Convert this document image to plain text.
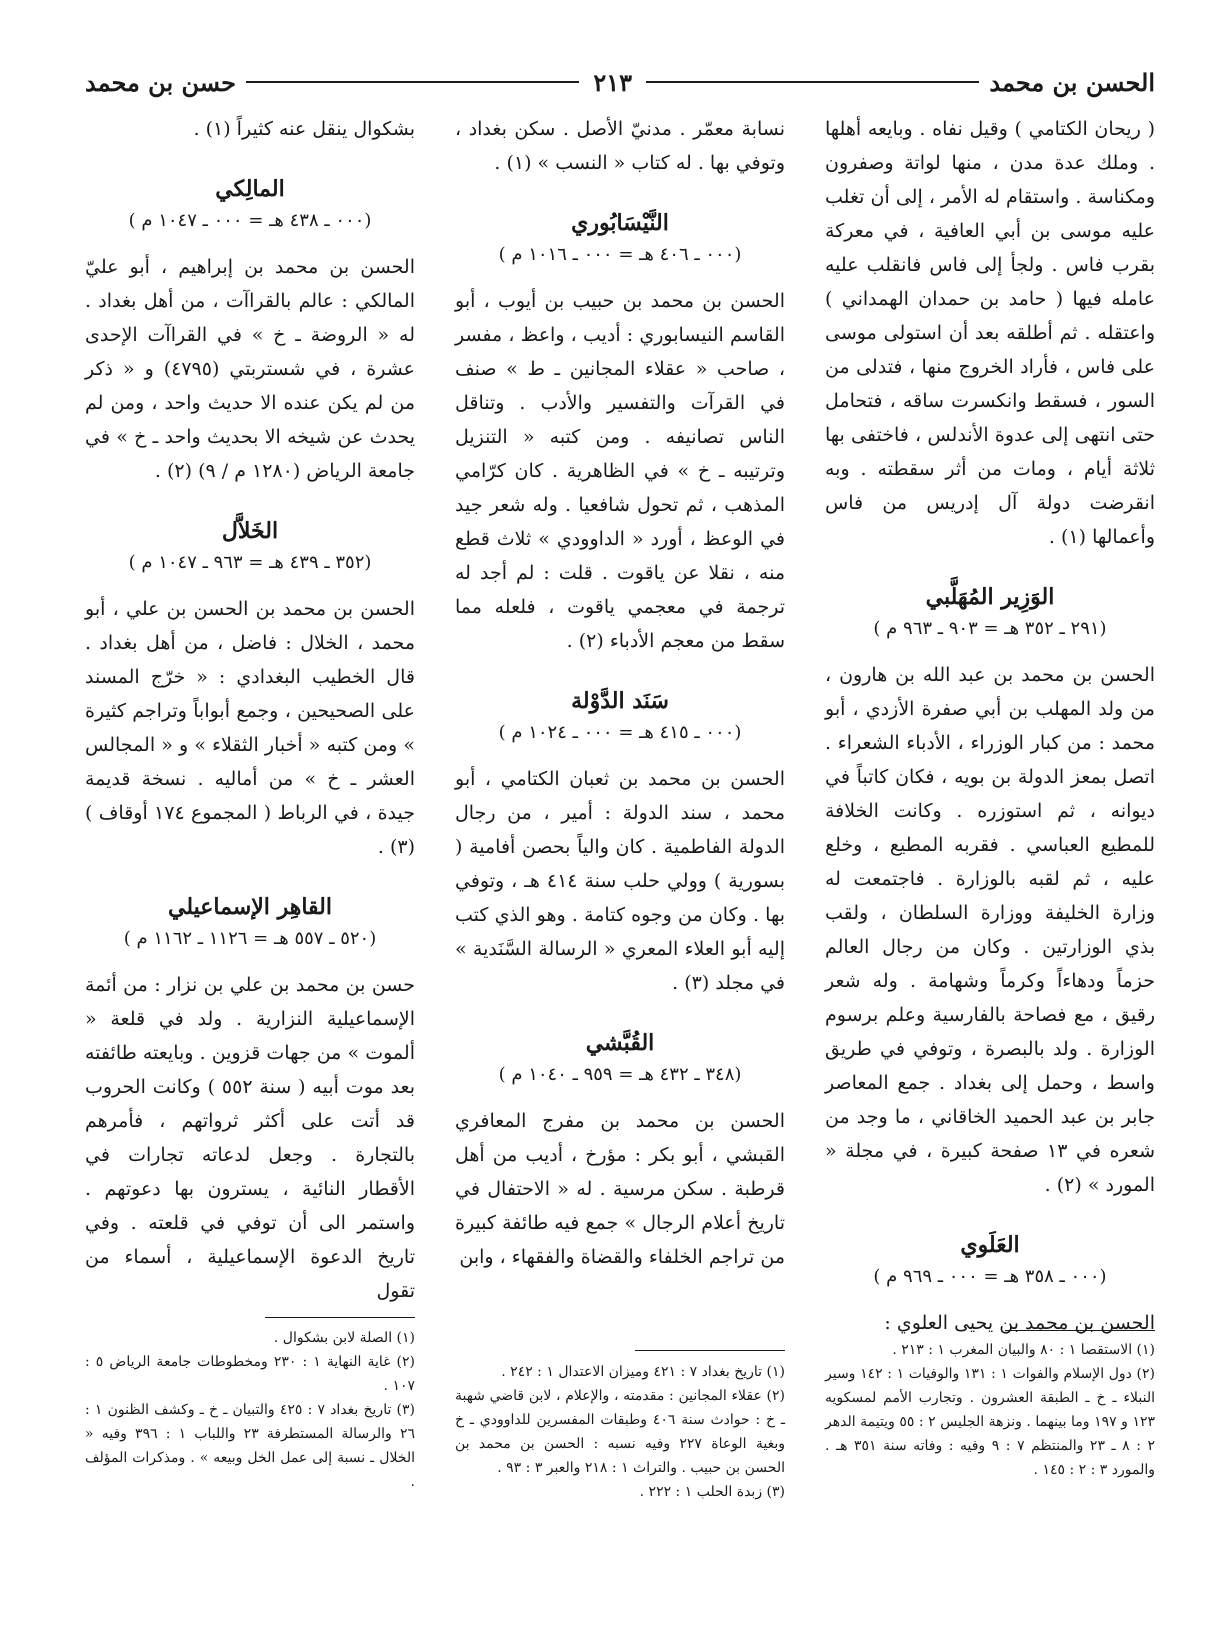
الحسن بن محمد
٢١٣
حسن بن محمد

( ريحان الكتامي ) وقيل نفاه . وبايعه أهلها . وملك عدة مدن ، منها لواتة وصفرون ومكناسة . واستقام له الأمر ، إلى أن تغلب عليه موسى بن أبي العافية ، في معركة بقرب فاس . ولجأ إلى فاس فانقلب عليه عامله فيها ( حامد بن حمدان الهمداني ) واعتقله . ثم أطلقه بعد أن استولى موسى على فاس ، فأراد الخروج منها ، فتدلى من السور ، فسقط وانكسرت ساقه ، فتحامل حتى انتهى إلى عدوة الأندلس ، فاختفى بها ثلاثة أيام ، ومات من أثر سقطته . وبه انقرضت دولة آل إدريس من فاس وأعمالها (١) .

الوَزِير المُهَلَّبي
(٢٩١ ـ ٣٥٢ هـ = ٩٠٣ ـ ٩٦٣ م )

الحسن بن محمد بن عبد الله بن هارون ، من ولد المهلب بن أبي صفرة الأزدي ، أبو محمد : من كبار الوزراء ، الأدباء الشعراء . اتصل بمعز الدولة بن بويه ، فكان كاتباً في ديوانه ، ثم استوزره . وكانت الخلافة للمطيع العباسي . فقربه المطيع ، وخلع عليه ، ثم لقبه بالوزارة . فاجتمعت له وزارة الخليفة ووزارة السلطان ، ولقب بذي الوزارتين . وكان من رجال العالم حزماً ودهاءاً وكرماً وشهامة . وله شعر رقيق ، مع فصاحة بالفارسية وعلم برسوم الوزارة . ولد بالبصرة ، وتوفي في طريق واسط ، وحمل إلى بغداد . جمع المعاصر جابر بن عبد الحميد الخاقاني ، ما وجد من شعره في ١٣ صفحة كبيرة ، في مجلة « المورد » (٢) .

العَلَوي
(٠٠٠ ـ ٣٥٨ هـ = ٠٠٠ ـ ٩٦٩ م )

الحسن بن محمد بن يحيى العلوي :

(١) الاستقصا ١ : ٨٠ والبيان المغرب ١ : ٢١٣ .

(٢) دول الإسلام والفوات ١ : ١٣١ والوفيات ١ : ١٤٢ وسير النبلاء ـ خ ـ الطبقة العشرون . وتجارب الأمم لمسكويه ١٢٣ و ١٩٧ وما بينهما . ونزهة الجليس ٢ : ٥٥ ويتيمة الدهر ٢ : ٨ ـ ٢٣ والمنتظم ٧ : ٩ وفيه : وفاته سنة ٣٥١ هـ . والمورد ٣ : ٢ : ١٤٥ .

نسابة معمّر . مدنيّ الأصل . سكن بغداد ، وتوفي بها . له كتاب « النسب » (١) .

النَّيْسَابُوري
(٠٠٠ ـ ٤٠٦ هـ = ٠٠٠ ـ ١٠١٦ م )

الحسن بن محمد بن حبيب بن أيوب ، أبو القاسم النيسابوري : أديب ، واعظ ، مفسر ، صاحب « عقلاء المجانين ـ ط » صنف في القرآت والتفسير والأدب . وتناقل الناس تصانيفه . ومن كتبه « التنزيل وترتيبه ـ خ » في الظاهرية . كان كرّامي المذهب ، ثم تحول شافعيا . وله شعر جيد في الوعظ ، أورد « الداوودي » ثلاث قطع منه ، نقلا عن ياقوت . قلت : لم أجد له ترجمة في معجمي ياقوت ، فلعله مما سقط من معجم الأدباء (٢) .

سَنَد الدَّوْلة
(٠٠٠ ـ ٤١٥ هـ = ٠٠٠ ـ ١٠٢٤ م )

الحسن بن محمد بن ثعبان الكتامي ، أبو محمد ، سند الدولة : أمير ، من رجال الدولة الفاطمية . كان والياً بحصن أفامية ( بسورية ) وولي حلب سنة ٤١٤ هـ ، وتوفي بها . وكان من وجوه كتامة . وهو الذي كتب إليه أبو العلاء المعري « الرسالة السَّنَدية » في مجلد (٣) .

القُبَّشي
(٣٤٨ ـ ٤٣٢ هـ = ٩٥٩ ـ ١٠٤٠ م )

الحسن بن محمد بن مفرج المعافري القبشي ، أبو بكر : مؤرخ ، أديب من أهل قرطبة . سكن مرسية . له « الاحتفال في تاريخ أعلام الرجال » جمع فيه طائفة كبيرة من تراجم الخلفاء والقضاة والفقهاء ، وابن

(١) تاريخ بغداد ٧ : ٤٢١ وميزان الاعتدال ١ : ٢٤٢ .

(٢) عقلاء المجانين : مقدمته ، والإعلام ، لابن قاضي شهبة ـ خ : حوادث سنة ٤٠٦ وطبقات المفسرين للداوودي ـ خ وبغية الوعاة ٢٢٧ وفيه نسبه : الحسن بن محمد بن الحسن بن حبيب . والتراث ١ : ٢١٨ والعبر ٣ : ٩٣ .

(٣) زبدة الحلب ١ : ٢٢٢ .

بشكوال ينقل عنه كثيراً (١) .

المالِكي
(٠٠٠ ـ ٤٣٨ هـ = ٠٠٠ ـ ١٠٤٧ م )

الحسن بن محمد بن إبراهيم ، أبو عليّ المالكي : عالم بالقراآت ، من أهل بغداد . له « الروضة ـ خ » في القراآت الإحدى عشرة ، في شستربتي (٤٧٩٥) و « ذكر من لم يكن عنده الا حديث واحد ، ومن لم يحدث عن شيخه الا بحديث واحد ـ خ » في جامعة الرياض (١٢٨٠ م / ٩) (٢) .

الخَلاَّل
(٣٥٢ ـ ٤٣٩ هـ = ٩٦٣ ـ ١٠٤٧ م )

الحسن بن محمد بن الحسن بن علي ، أبو محمد ، الخلال : فاضل ، من أهل بغداد . قال الخطيب البغدادي : « خرّج المسند على الصحيحين ، وجمع أبواباً وتراجم كثيرة » ومن كتبه « أخبار الثقلاء » و « المجالس العشر ـ خ » من أماليه . نسخة قديمة جيدة ، في الرباط ( المجموع ١٧٤ أوقاف ) (٣) .

القاهِر الإسماعيلي
(٥٢٠ ـ ٥٥٧ هـ = ١١٢٦ ـ ١١٦٢ م )

حسن بن محمد بن علي بن نزار : من أئمة الإسماعيلية النزارية . ولد في قلعة « ألموت » من جهات قزوين . وبايعته طائفته بعد موت أبيه ( سنة ٥٥٢ ) وكانت الحروب قد أتت على أكثر ثرواتهم ، فأمرهم بالتجارة . وجعل لدعاته تجارات في الأقطار النائية ، يسترون بها دعوتهم . واستمر الى أن توفي في قلعته . وفي تاريخ الدعوة الإسماعيلية ، أسماء من تقول

(١) الصلة لابن بشكوال .

(٢) غاية النهاية ١ : ٢٣٠ ومخطوطات جامعة الرياض ٥ : ١٠٧ .

(٣) تاريخ بغداد ٧ : ٤٢٥ والتبيان ـ خ ـ وكشف الظنون ١ : ٢٦ والرسالة المستطرفة ٢٣ واللباب ١ : ٣٩٦ وفيه « الخلال ـ نسبة إلى عمل الخل وبيعه » . ومذكرات المؤلف .
